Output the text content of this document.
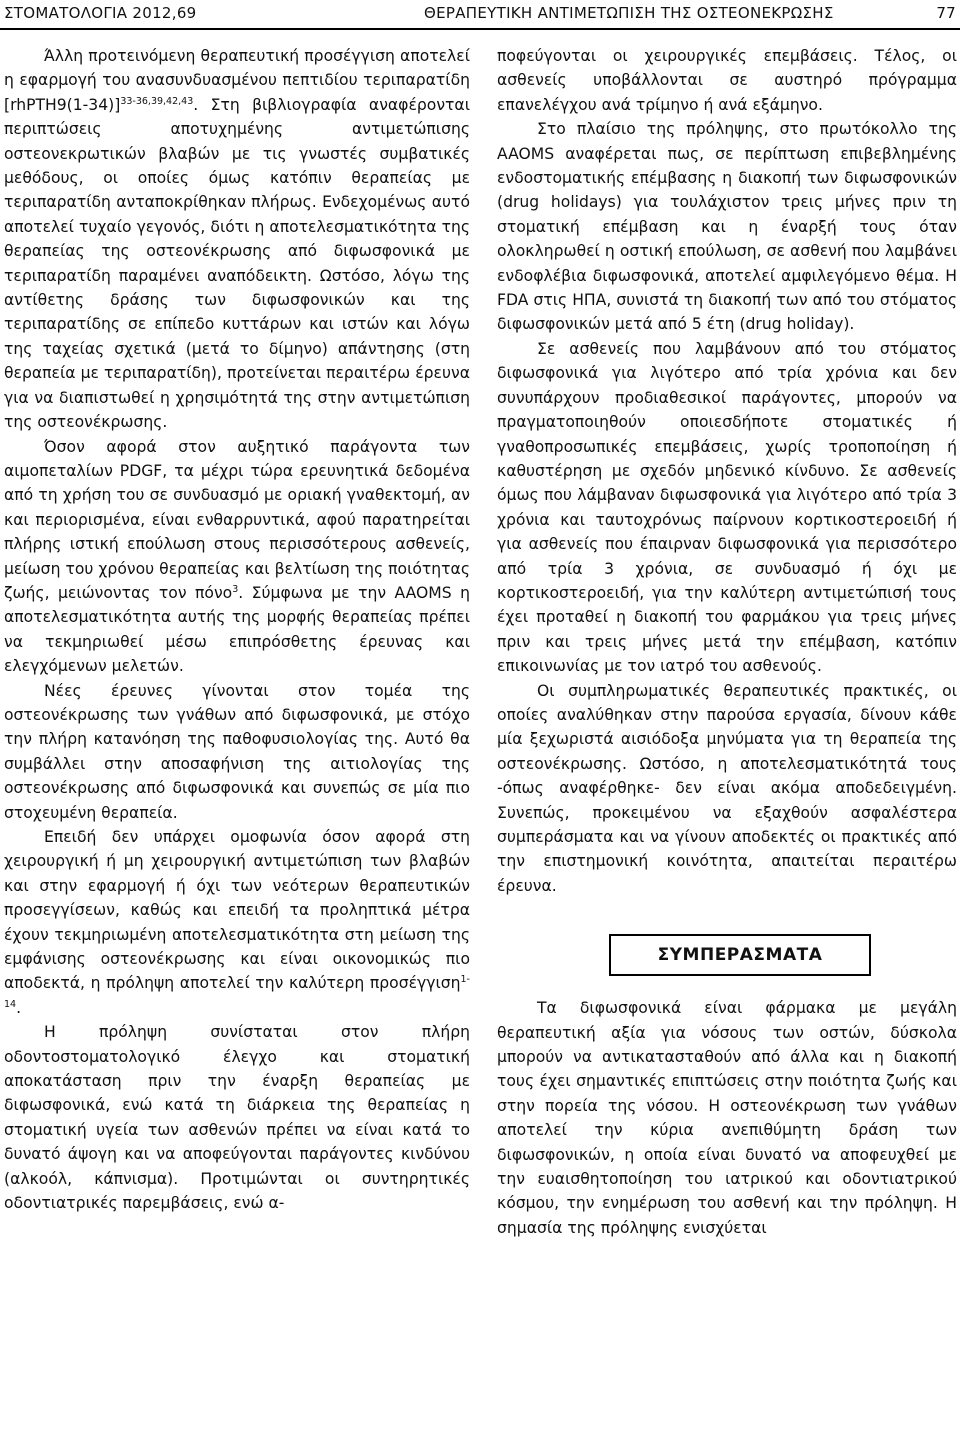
ΣΤΟΜΑΤΟΛΟΓΙΑ 2012,69	ΘΕΡΑΠΕΥΤΙΚΗ ΑΝΤΙΜΕΤΩΠΙΣΗ ΤΗΣ ΟΣΤΕΟΝΕΚΡΩΣΗΣ	77

Άλλη προτεινόμενη θεραπευτική προσέγγιση αποτελεί η εφαρμογή του ανασυνδυασμένου πεπτιδίου τεριπαρατίδη [rhPTH9(1-34)]$^{33-36,39,42,43}$. Στη βιβλιογραφία αναφέρονται περιπτώσεις αποτυχημένης αντιμετώπισης οστεονεκρωτικών βλαβών με τις γνωστές συμβατικές μεθόδους, οι οποίες όμως κατόπιν θεραπείας με τεριπαρατίδη ανταποκρίθηκαν πλήρως. Ενδεχομένως αυτό αποτελεί τυχαίο γεγονός, διότι η αποτελεσματικότητα της θεραπείας της οστεονέκρωσης από διφωσφονικά με τεριπαρατίδη παραμένει αναπόδεικτη. Ωστόσο, λόγω της αντίθετης δράσης των διφωσφονικών και της τεριπαρατίδης σε επίπεδο κυττάρων και ιστών και λόγω της ταχείας σχετικά (μετά το δίμηνο) απάντησης (στη θεραπεία με τεριπαρατίδη), προτείνεται περαιτέρω έρευνα για να διαπιστωθεί η χρησιμότητά της στην αντιμετώπιση της οστεονέκρωσης.

Όσον αφορά στον αυξητικό παράγοντα των αιμοπεταλίων PDGF, τα μέχρι τώρα ερευνητικά δεδομένα από τη χρήση του σε συνδυασμό με οριακή γναθεκτομή, αν και περιορισμένα, είναι ενθαρρυντικά, αφού παρατηρείται πλήρης ιστική επούλωση στους περισσότερους ασθενείς, μείωση του χρόνου θεραπείας και βελτίωση της ποιότητας ζωής, μειώνοντας τον πόνο$^3$. Σύμφωνα με την AAOMS η αποτελεσματικότητα αυτής της μορφής θεραπείας πρέπει να τεκμηριωθεί μέσω επιπρόσθετης έρευνας και ελεγχόμενων μελετών.

Νέες έρευνες γίνονται στον τομέα της οστεονέκρωσης των γνάθων από διφωσφονικά, με στόχο την πλήρη κατανόηση της παθοφυσιολογίας της. Αυτό θα συμβάλλει στην αποσαφήνιση της αιτιολογίας της οστεονέκρωσης από διφωσφονικά και συνεπώς σε μία πιο στοχευμένη θεραπεία.

Επειδή δεν υπάρχει ομοφωνία όσον αφορά στη χειρουργική ή μη χειρουργική αντιμετώπιση των βλαβών και στην εφαρμογή ή όχι των νεότερων θεραπευτικών προσεγγίσεων, καθώς και επειδή τα προληπτικά μέτρα έχουν τεκμηριωμένη αποτελεσματικότητα στη μείωση της εμφάνισης οστεονέκρωσης και είναι οικονομικώς πιο αποδεκτά, η πρόληψη αποτελεί την καλύτερη προσέγγιση$^{1-14}$.

Η πρόληψη συνίσταται στον πλήρη οδοντοστοματολογικό έλεγχο και στοματική αποκατάσταση πριν την έναρξη θεραπείας με διφωσφονικά, ενώ κατά τη διάρκεια της θεραπείας η στοματική υγεία των ασθενών πρέπει να είναι κατά το δυνατό άψογη και να αποφεύγονται παράγοντες κινδύνου (αλκοόλ, κάπνισμα). Προτιμώνται οι συντηρητικές οδοντιατρικές παρεμβάσεις, ενώ α-

ποφεύγονται οι χειρουργικές επεμβάσεις. Τέλος, οι ασθενείς υποβάλλονται σε αυστηρό πρόγραμμα επανελέγχου ανά τρίμηνο ή ανά εξάμηνο.

Στο πλαίσιο της πρόληψης, στο πρωτόκολλο της AAOMS αναφέρεται πως, σε περίπτωση επιβεβλημένης ενδοστοματικής επέμβασης η διακοπή των διφωσφονικών (drug holidays) για τουλάχιστον τρεις μήνες πριν τη στοματική επέμβαση και η έναρξή τους όταν ολοκληρωθεί η οστική επούλωση, σε ασθενή που λαμβάνει ενδοφλέβια διφωσφονικά, αποτελεί αμφιλεγόμενο θέμα. Η FDA στις ΗΠΑ, συνιστά τη διακοπή των από του στόματος διφωσφονικών μετά από 5 έτη (drug holiday).

Σε ασθενείς που λαμβάνουν από του στόματος διφωσφονικά για λιγότερο από τρία χρόνια και δεν συνυπάρχουν προδιαθεσικοί παράγοντες, μπορούν να πραγματοποιηθούν οποιεσδήποτε στοματικές ή γναθοπροσωπικές επεμβάσεις, χωρίς τροποποίηση ή καθυστέρηση με σχεδόν μηδενικό κίνδυνο. Σε ασθενείς όμως που λάμβαναν διφωσφονικά για λιγότερο από τρία 3 χρόνια και ταυτοχρόνως παίρνουν κορτικοστεροειδή ή για ασθενείς που έπαιρναν διφωσφονικά για περισσότερο από τρία 3 χρόνια, σε συνδυασμό ή όχι με κορτικοστεροειδή, για την καλύτερη αντιμετώπισή τους έχει προταθεί η διακοπή του φαρμάκου για τρεις μήνες πριν και τρεις μήνες μετά την επέμβαση, κατόπιν επικοινωνίας με τον ιατρό του ασθενούς.

Οι συμπληρωματικές θεραπευτικές πρακτικές, οι οποίες αναλύθηκαν στην παρούσα εργασία, δίνουν κάθε μία ξεχωριστά αισιόδοξα μηνύματα για τη θεραπεία της οστεονέκρωσης. Ωστόσο, η αποτελεσματικότητά τους -όπως αναφέρθηκε- δεν είναι ακόμα αποδεδειγμένη. Συνεπώς, προκειμένου να εξαχθούν ασφαλέστερα συμπεράσματα και να γίνουν αποδεκτές οι πρακτικές από την επιστημονική κοινότητα, απαιτείται περαιτέρω έρευνα.

ΣΥΜΠΕΡΑΣΜΑΤΑ

Τα διφωσφονικά είναι φάρμακα με μεγάλη θεραπευτική αξία για νόσους των οστών, δύσκολα μπορούν να αντικατασταθούν από άλλα και η διακοπή τους έχει σημαντικές επιπτώσεις στην ποιότητα ζωής και στην πορεία της νόσου. Η οστεονέκρωση των γνάθων αποτελεί την κύρια ανεπιθύμητη δράση των διφωσφονικών, η οποία είναι δυνατό να αποφευχθεί με την ευαισθητοποίηση του ιατρικού και οδοντιατρικού κόσμου, την ενημέρωση του ασθενή και την πρόληψη. Η σημασία της πρόληψης ενισχύεται
